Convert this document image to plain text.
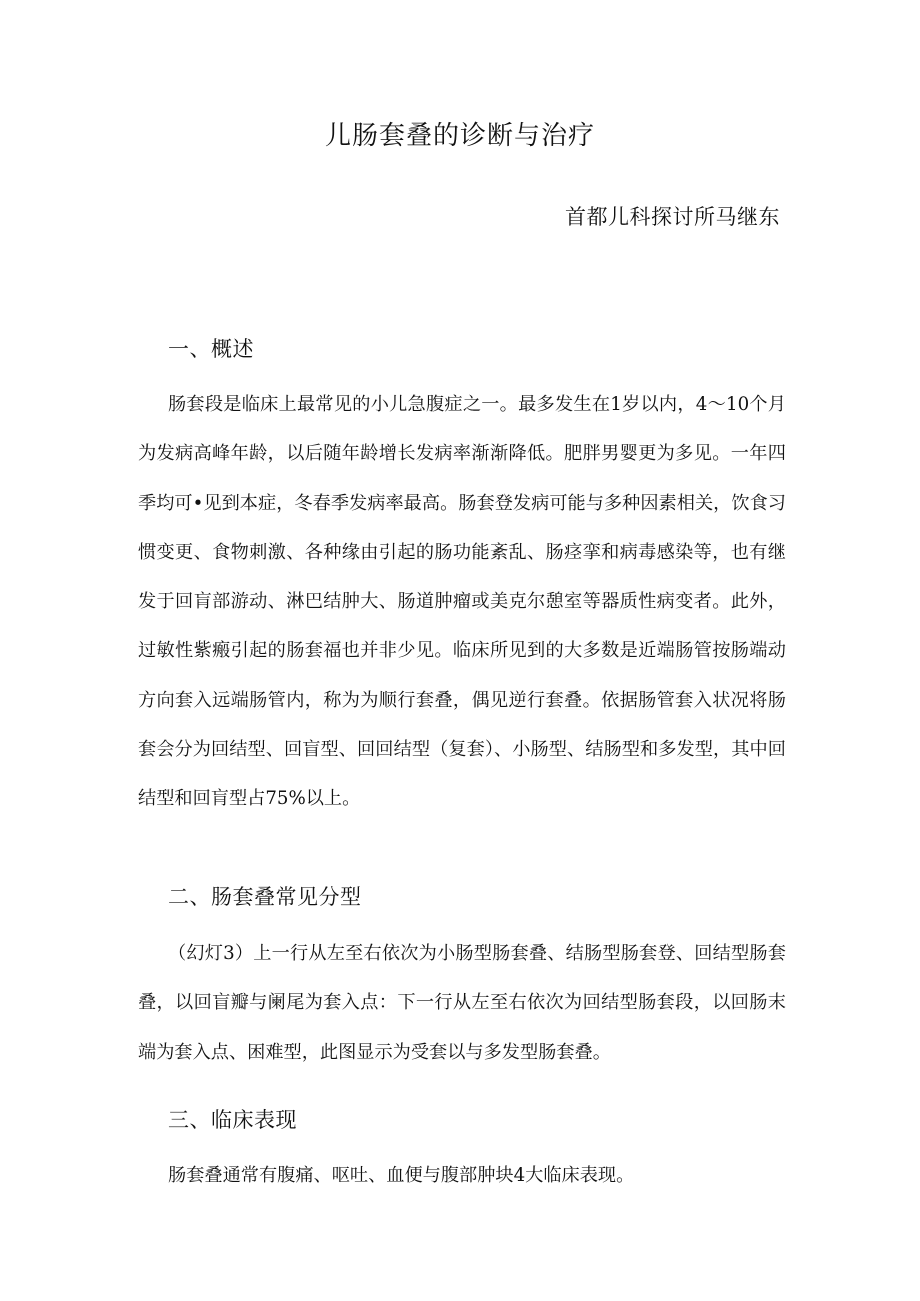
儿肠套叠的诊断与治疗

首都儿科探讨所马继东

一、概述

肠套段是临床上最常见的小儿急腹症之一。最多发生在1岁以内，4～10个月为发病高峰年龄，以后随年龄增长发病率渐渐降低。肥胖男婴更为多见。一年四季均可•见到本症，冬春季发病率最高。肠套登发病可能与多种因素相关，饮食习惯变更、食物刺激、各种缘由引起的肠功能紊乱、肠痉挛和病毒感染等，也有继发于回肓部游动、淋巴结肿大、肠道肿瘤或美克尔憩室等器质性病变者。此外，过敏性紫瘢引起的肠套福也并非少见。临床所见到的大多数是近端肠管按肠端动方向套入远端肠管内，称为为顺行套叠，偶见逆行套叠。依据肠管套入状况将肠套会分为回结型、回盲型、回回结型（复套）、小肠型、结肠型和多发型，其中回结型和回肓型占75%以上。

二、肠套叠常见分型

（幻灯3）上一行从左至右依次为小肠型肠套叠、结肠型肠套登、回结型肠套叠，以回盲瓣与阑尾为套入点：下一行从左至右依次为回结型肠套段，以回肠末端为套入点、困难型，此图显示为受套以与多发型肠套叠。

三、临床表现

肠套叠通常有腹痛、呕吐、血便与腹部肿块4大临床表现。
